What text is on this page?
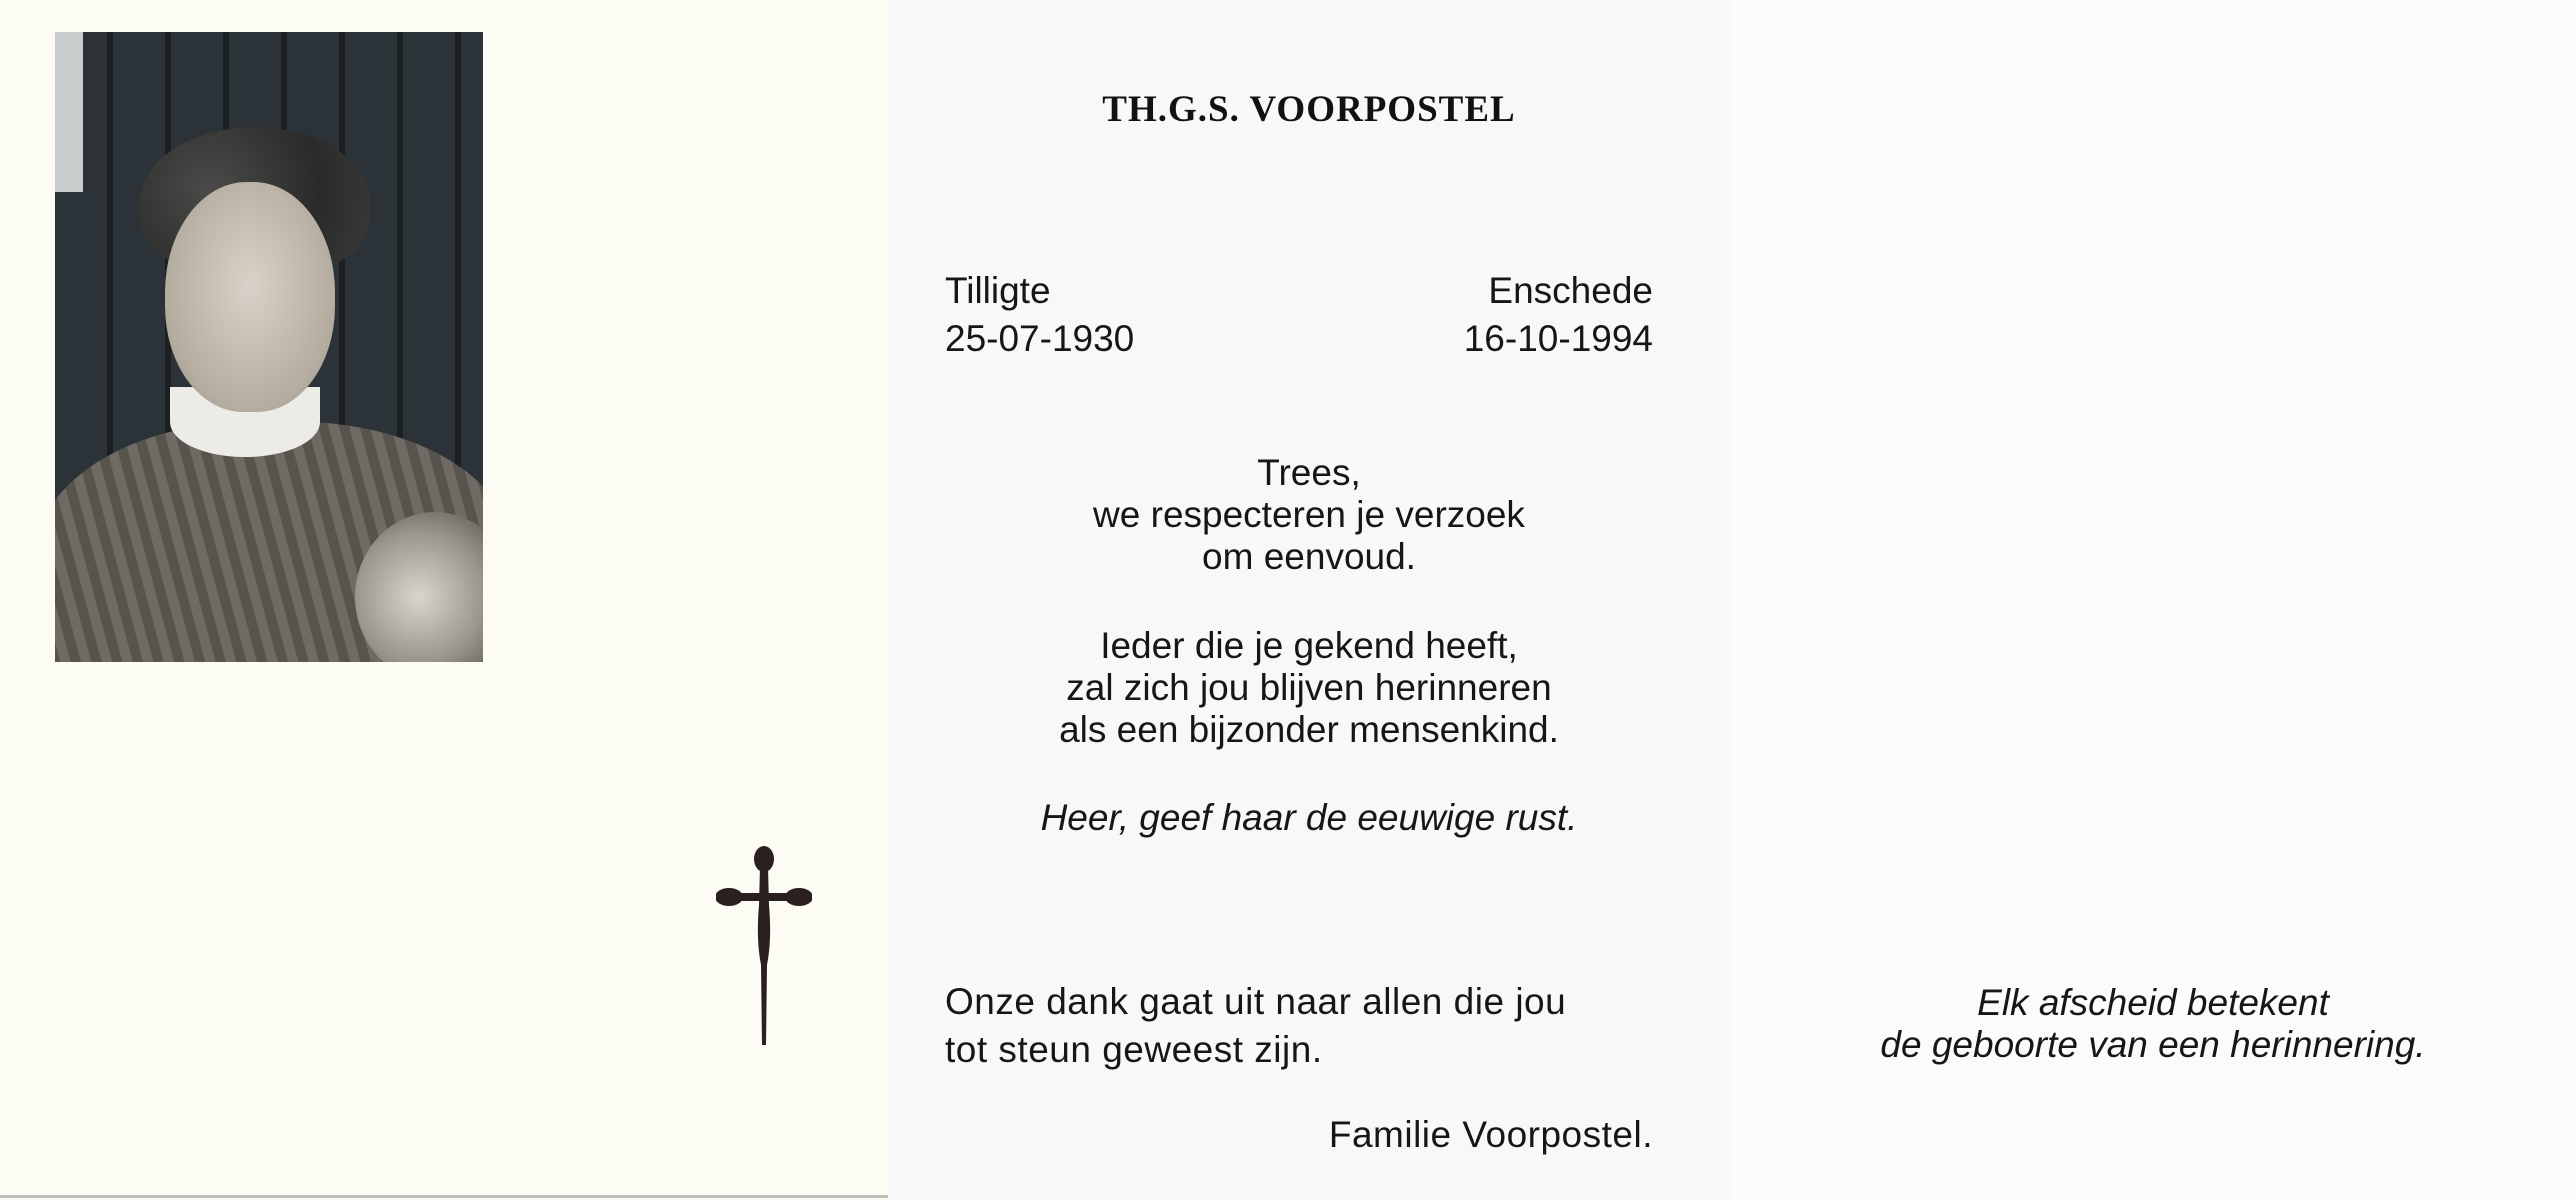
TH.G.S. VOORPOSTEL
Tilligte
25-07-1930
Enschede
16-10-1994
Trees,
we respecteren je verzoek
om eenvoud.
Ieder die je gekend heeft,
zal zich jou blijven herinneren
als een bijzonder mensenkind.
Heer, geef haar de eeuwige rust.
Onze dank gaat uit naar allen die jou
tot steun geweest zijn.
Familie Voorpostel.
Elk afscheid betekent
de geboorte van een herinnering.
